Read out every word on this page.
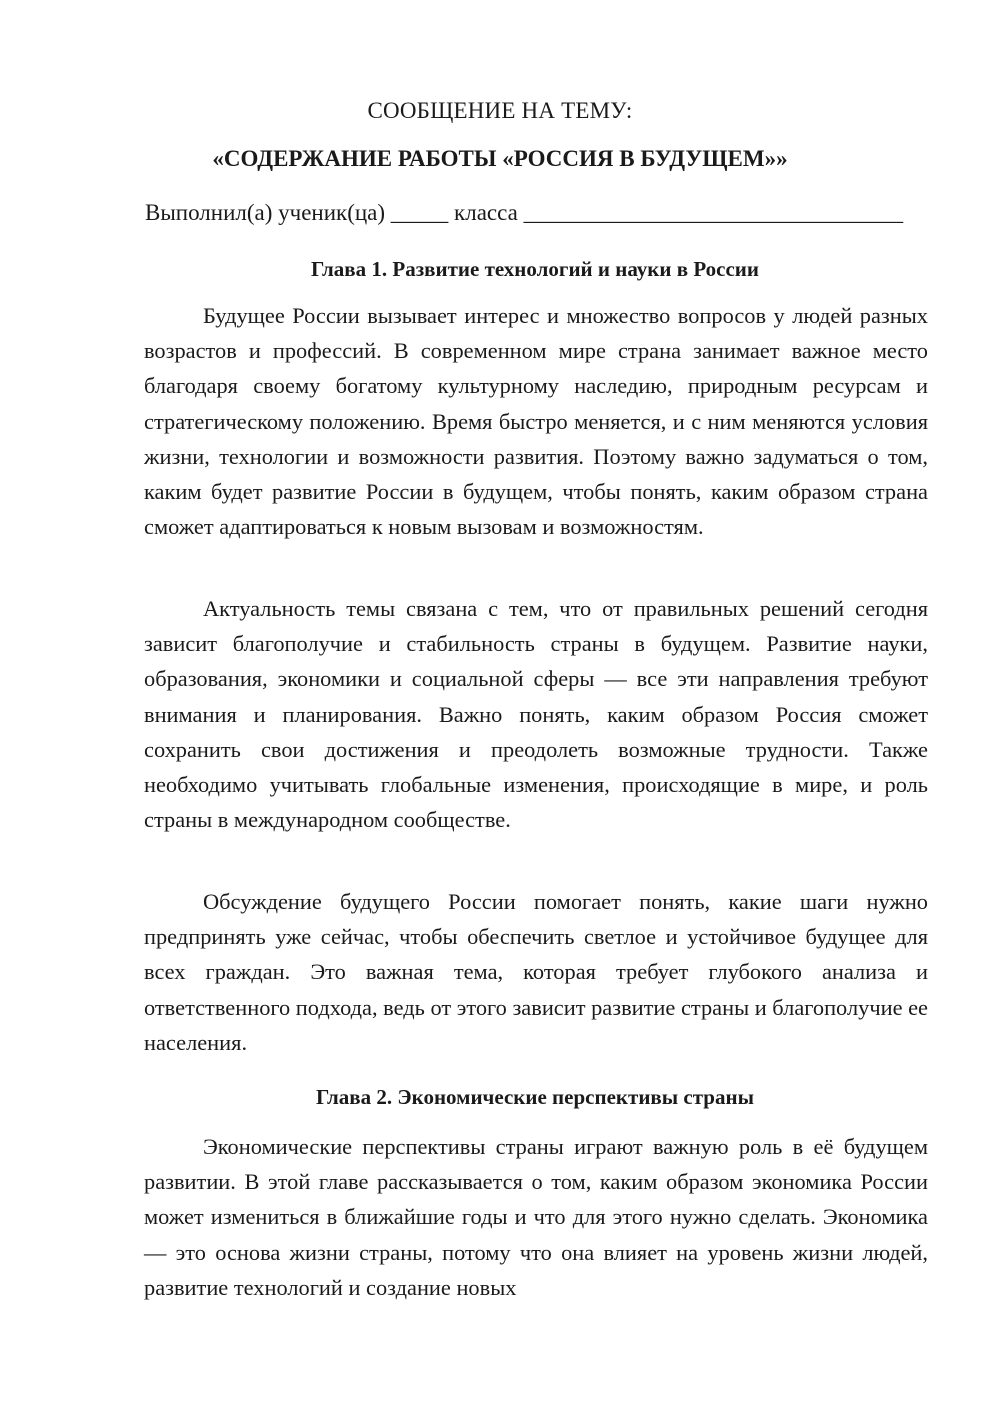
СООБЩЕНИЕ НА ТЕМУ:
«СОДЕРЖАНИЕ РАБОТЫ «РОССИЯ В БУДУЩЕМ»»
Выполнил(а) ученик(ца) _____ класса _________________________________
Глава 1. Развитие технологий и науки в России

Будущее России вызывает интерес и множество вопросов у людей разных возрастов и профессий. В современном мире страна занимает важное место благодаря своему богатому культурному наследию, природным ресурсам и стратегическому положению. Время быстро меняется, и с ним меняются условия жизни, технологии и возможности развития. Поэтому важно задуматься о том, каким будет развитие России в будущем, чтобы понять, каким образом страна сможет адаптироваться к новым вызовам и возможностям.

Актуальность темы связана с тем, что от правильных решений сегодня зависит благополучие и стабильность страны в будущем. Развитие науки, образования, экономики и социальной сферы — все эти направления требуют внимания и планирования. Важно понять, каким образом Россия сможет сохранить свои достижения и преодолеть возможные трудности. Также необходимо учитывать глобальные изменения, происходящие в мире, и роль страны в международном сообществе.

Обсуждение будущего России помогает понять, какие шаги нужно предпринять уже сейчас, чтобы обеспечить светлое и устойчивое будущее для всех граждан. Это важная тема, которая требует глубокого анализа и ответственного подхода, ведь от этого зависит развитие страны и благополучие ее населения.

Глава 2. Экономические перспективы страны

Экономические перспективы страны играют важную роль в её будущем развитии. В этой главе рассказывается о том, каким образом экономика России может измениться в ближайшие годы и что для этого нужно сделать. Экономика — это основа жизни страны, потому что она влияет на уровень жизни людей, развитие технологий и создание новых
